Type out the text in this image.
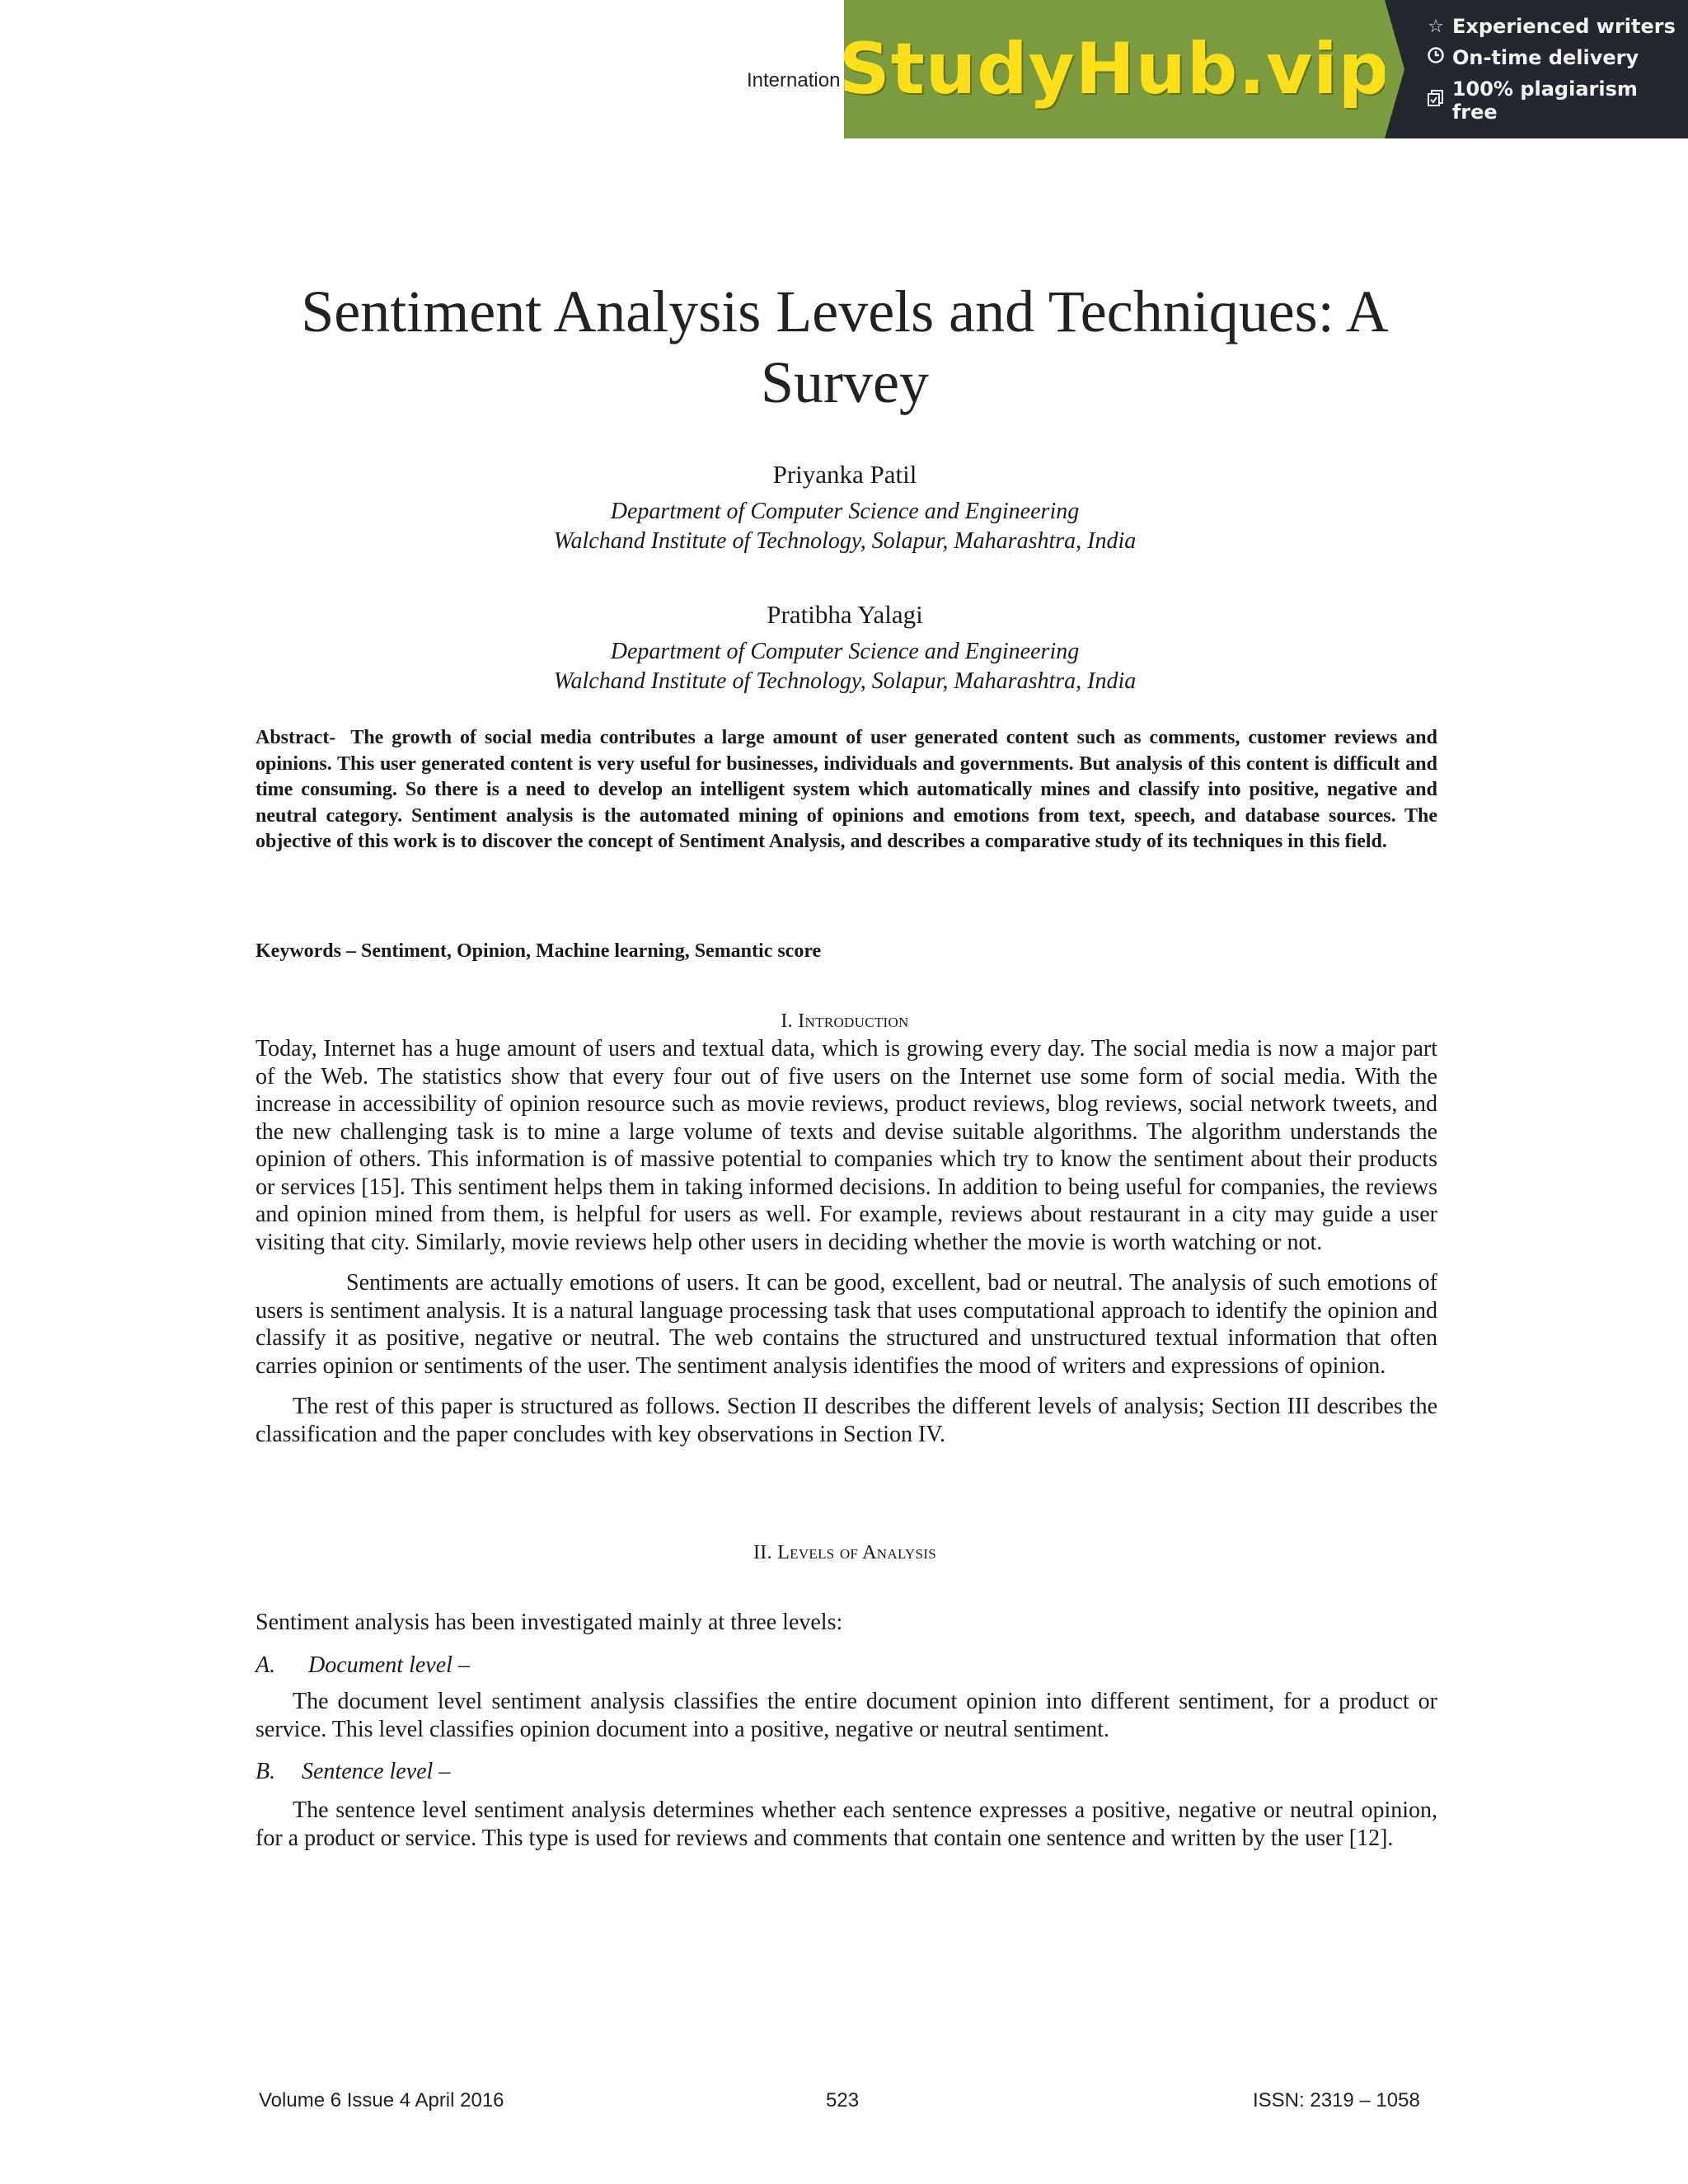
Internation
StudyHub.vip
☆ Experienced writers
On-time delivery
100% plagiarism free
Sentiment Analysis Levels and Techniques: A
Survey
Priyanka Patil
Department of Computer Science and Engineering
Walchand Institute of Technology, Solapur, Maharashtra, India
Pratibha Yalagi
Department of Computer Science and Engineering
Walchand Institute of Technology, Solapur, Maharashtra, India
Abstract- The growth of social media contributes a large amount of user generated content such as comments, customer reviews and opinions. This user generated content is very useful for businesses, individuals and governments. But analysis of this content is difficult and time consuming. So there is a need to develop an intelligent system which automatically mines and classify into positive, negative and neutral category. Sentiment analysis is the automated mining of opinions and emotions from text, speech, and database sources. The objective of this work is to discover the concept of Sentiment Analysis, and describes a comparative study of its techniques in this field.
Keywords – Sentiment, Opinion, Machine learning, Semantic score
I. Introduction

Today, Internet has a huge amount of users and textual data, which is growing every day. The social media is now a major part of the Web. The statistics show that every four out of five users on the Internet use some form of social media. With the increase in accessibility of opinion resource such as movie reviews, product reviews, blog reviews, social network tweets, and the new challenging task is to mine a large volume of texts and devise suitable algorithms. The algorithm understands the opinion of others. This information is of massive potential to companies which try to know the sentiment about their products or services [15]. This sentiment helps them in taking informed decisions. In addition to being useful for companies, the reviews and opinion mined from them, is helpful for users as well. For example, reviews about restaurant in a city may guide a user visiting that city. Similarly, movie reviews help other users in deciding whether the movie is worth watching or not.

Sentiments are actually emotions of users. It can be good, excellent, bad or neutral. The analysis of such emotions of users is sentiment analysis. It is a natural language processing task that uses computational approach to identify the opinion and classify it as positive, negative or neutral. The web contains the structured and unstructured textual information that often carries opinion or sentiments of the user. The sentiment analysis identifies the mood of writers and expressions of opinion.

The rest of this paper is structured as follows. Section II describes the different levels of analysis; Section III describes the classification and the paper concludes with key observations in Section IV.

II. Levels of Analysis
Sentiment analysis has been investigated mainly at three levels:
A. Document level –
The document level sentiment analysis classifies the entire document opinion into different sentiment, for a product or service. This level classifies opinion document into a positive, negative or neutral sentiment.
B. Sentence level –
The sentence level sentiment analysis determines whether each sentence expresses a positive, negative or neutral opinion, for a product or service. This type is used for reviews and comments that contain one sentence and written by the user [12].
Volume 6 Issue 4 April 2016	523	ISSN: 2319 – 1058
